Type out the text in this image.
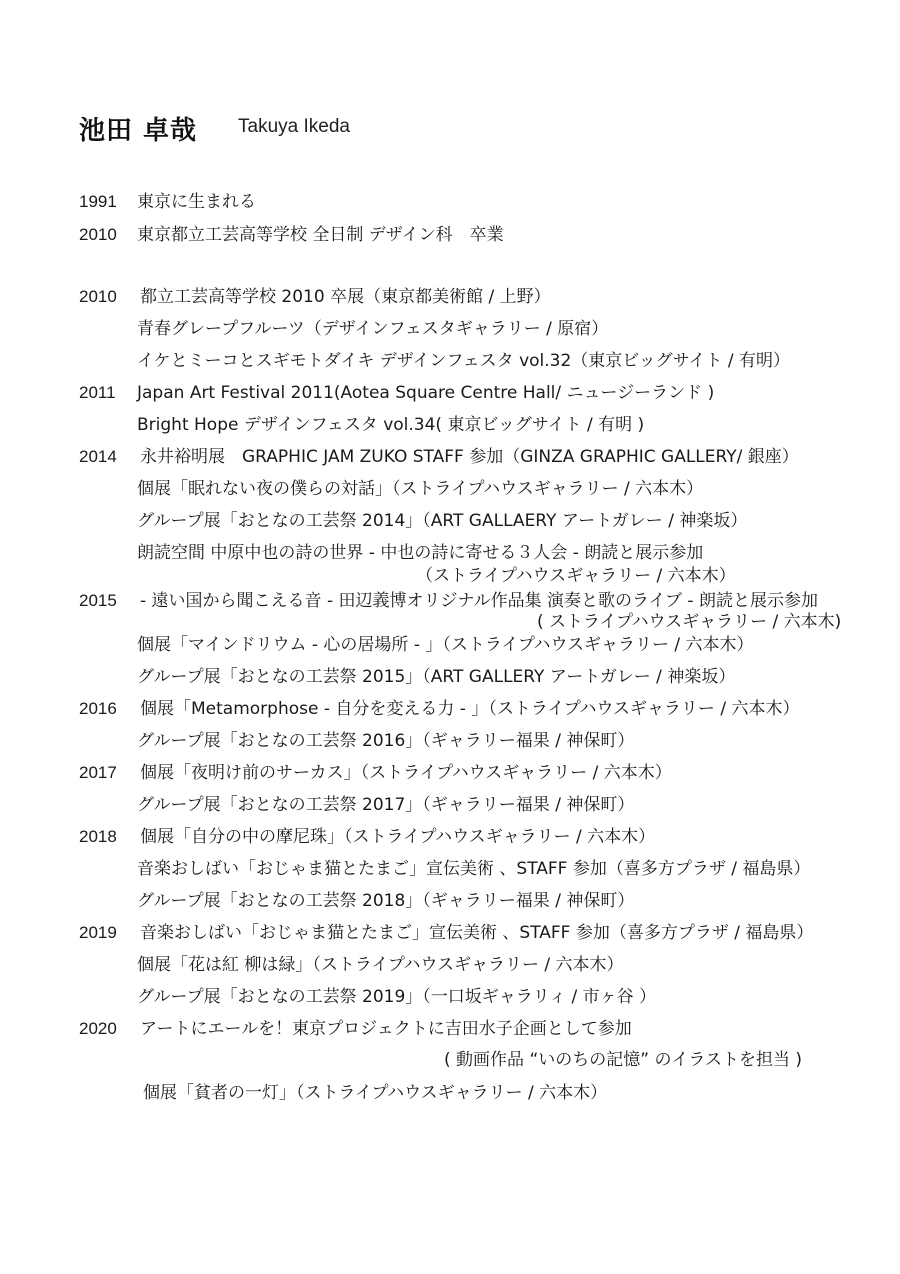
池田 卓哉 Takuya Ikeda
1991 東京に生まれる
2010 東京都立工芸高等学校 全日制 デザイン科　卒業
2010 都立工芸高等学校 2010 卒展（東京都美術館 / 上野）
青春グレープフルーツ（デザインフェスタギャラリー / 原宿）
イケとミーコとスギモトダイキ デザインフェスタ vol.32（東京ビッグサイト / 有明）
2011 Japan Art Festival 2011(Aotea Square Centre Hall/ ニュージーランド )
Bright Hope デザインフェスタ vol.34( 東京ビッグサイト / 有明 )
2014 永井裕明展　GRAPHIC JAM ZUKO STAFF 参加（GINZA GRAPHIC GALLERY/ 銀座）
個展「眠れない夜の僕らの対話」（ストライプハウスギャラリー / 六本木）
グループ展「おとなの工芸祭 2014」（ART GALLAERY アートガレー / 神楽坂）
朗読空間 中原中也の詩の世界 - 中也の詩に寄せる３人会 - 朗読と展示参加
（ストライプハウスギャラリー / 六本木）
2015 - 遠い国から聞こえる音 - 田辺義博オリジナル作品集 演奏と歌のライブ - 朗読と展示参加
( ストライプハウスギャラリー / 六本木)
個展「マインドリウム - 心の居場所 - 」（ストライプハウスギャラリー / 六本木）
グループ展「おとなの工芸祭 2015」（ART GALLERY アートガレー / 神楽坂）
2016 個展「Metamorphose - 自分を変える力 - 」（ストライプハウスギャラリー / 六本木）
グループ展「おとなの工芸祭 2016」（ギャラリー福果 / 神保町）
2017 個展「夜明け前のサーカス」（ストライプハウスギャラリー / 六本木）
グループ展「おとなの工芸祭 2017」（ギャラリー福果 / 神保町）
2018 個展「自分の中の摩尼珠」（ストライプハウスギャラリー / 六本木）
音楽おしばい「おじゃま猫とたまご」宣伝美術 、STAFF 参加（喜多方プラザ / 福島県）
グループ展「おとなの工芸祭 2018」（ギャラリー福果 / 神保町）
2019 音楽おしばい「おじゃま猫とたまご」宣伝美術 、STAFF 参加（喜多方プラザ / 福島県）
個展「花は紅 柳は緑」（ストライプハウスギャラリー / 六本木）
グループ展「おとなの工芸祭 2019」（一口坂ギャラリィ / 市ヶ谷 ）
2020 アートにエールを！東京プロジェクトに吉田水子企画として参加
( 動画作品 “いのちの記憶” のイラストを担当 )
個展「貧者の一灯」（ストライプハウスギャラリー / 六本木）
